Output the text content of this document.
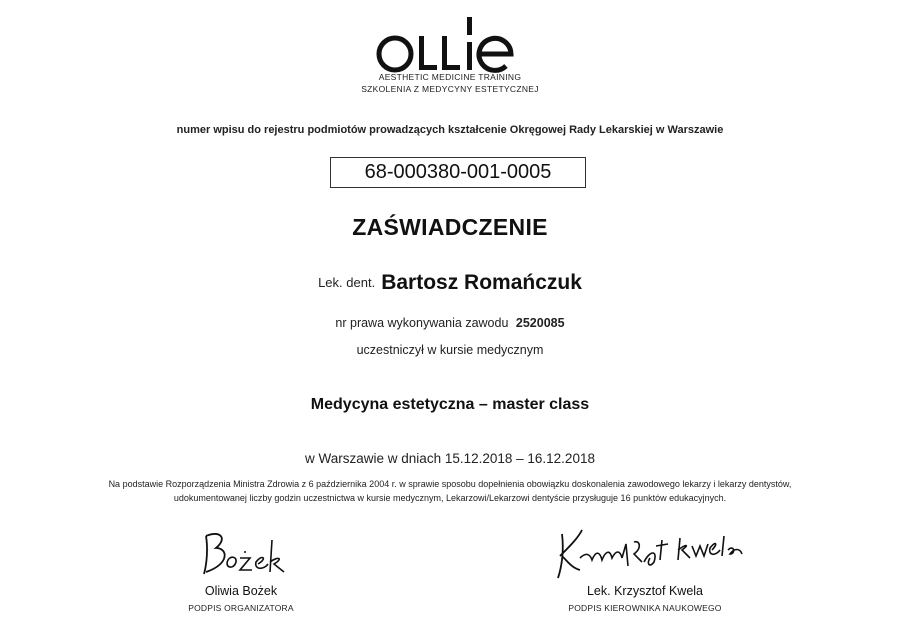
AESTHETIC MEDICINE TRAINING
SZKOLENIA Z MEDYCYNY ESTETYCZNEJ
numer wpisu do rejestru podmiotów prowadzących kształcenie Okręgowej Rady Lekarskiej w Warszawie
68-000380-001-0005
ZAŚWIADCZENIE
Lek. dent. Bartosz Romańczuk
nr prawa wykonywania zawodu 2520085
uczestniczył w kursie medycznym
Medycyna estetyczna – master class
w Warszawie w dniach 15.12.2018 – 16.12.2018
Na podstawie Rozporządzenia Ministra Zdrowia z 6 października 2004 r. w sprawie sposobu dopełnienia obowiązku doskonalenia zawodowego lekarzy i lekarzy dentystów,
udokumentowanej liczby godzin uczestnictwa w kursie medycznym, Lekarzowi/Lekarzowi dentyście przysługuje 16 punktów edukacyjnych.
Oliwia Bożek
PODPIS ORGANIZATORA
Lek. Krzysztof Kwela
PODPIS KIEROWNIKA NAUKOWEGO
